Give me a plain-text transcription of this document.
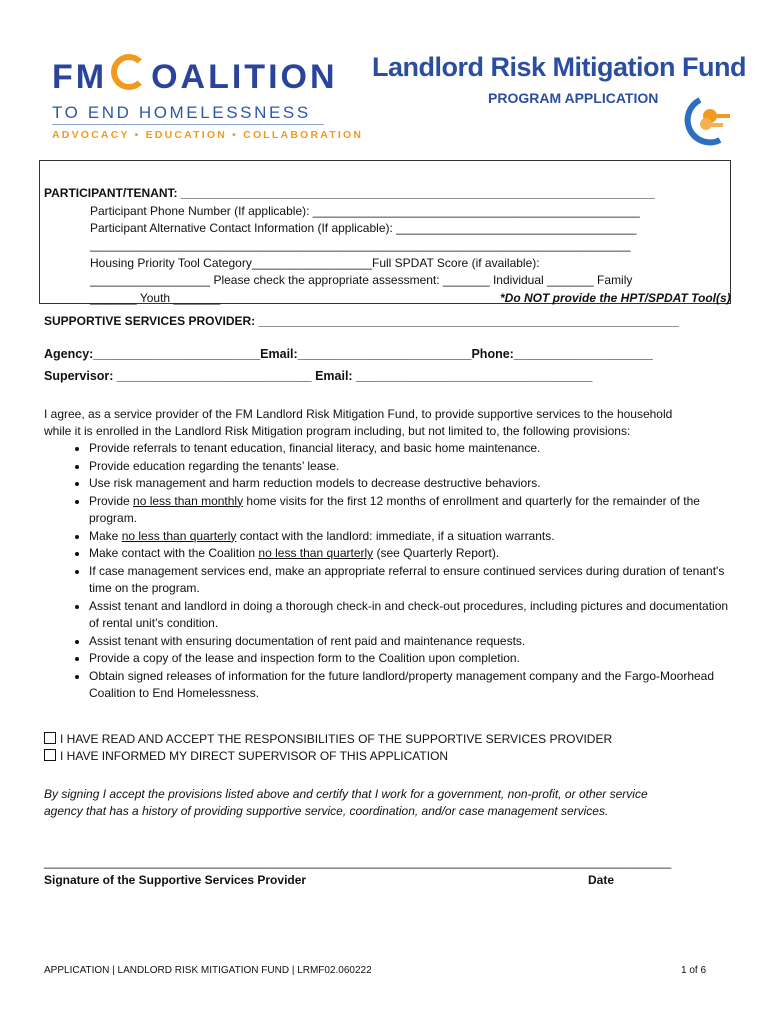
FM OALITION
TO END HOMELESSNESS
ADVOCACY • EDUCATION • COLLABORATION
Landlord Risk Mitigation Fund
PROGRAM APPLICATION
PARTICIPANT/TENANT: _______________________________________________________________________
Participant Phone Number (If applicable): _________________________________________________
Participant Alternative Contact Information (If applicable): ____________________________________
_________________________________________________________________________________
Housing Priority Tool Category__________________Full SPDAT Score (if available):
__________________ Please check the appropriate assessment: _______ Individual _______ Family
_______ Youth _______	*Do NOT provide the HPT/SPDAT Tool(s)
SUPPORTIVE SERVICES PROVIDER: _______________________________________________________________
Agency:________________________Email:_________________________Phone:____________________
Supervisor: ____________________________ Email: __________________________________
I agree, as a service provider of the FM Landlord Risk Mitigation Fund, to provide supportive services to the household
while it is enrolled in the Landlord Risk Mitigation program including, but not limited to, the following provisions:
• Provide referrals to tenant education, financial literacy, and basic home maintenance.
• Provide education regarding the tenants’ lease.
• Use risk management and harm reduction models to decrease destructive behaviors.
• Provide no less than monthly home visits for the first 12 months of enrollment and quarterly for the remainder of the program.
• Make no less than quarterly contact with the landlord: immediate, if a situation warrants.
• Make contact with the Coalition no less than quarterly (see Quarterly Report).
• If case management services end, make an appropriate referral to ensure continued services during duration of tenant's time on the program.
• Assist tenant and landlord in doing a thorough check-in and check-out procedures, including pictures and documentation of rental unit’s condition.
• Assist tenant with ensuring documentation of rent paid and maintenance requests.
• Provide a copy of the lease and inspection form to the Coalition upon completion.
• Obtain signed releases of information for the future landlord/property management company and the Fargo-Moorhead Coalition to End Homelessness.
I HAVE READ AND ACCEPT THE RESPONSIBILITIES OF THE SUPPORTIVE SERVICES PROVIDER
I HAVE INFORMED MY DIRECT SUPERVISOR OF THIS APPLICATION
By signing I accept the provisions listed above and certify that I work for a government, non-profit, or other service
agency that has a history of providing supportive service, coordination, and/or case management services.
______________________________________________________________________________________________
Signature of the Supportive Services Provider	Date
APPLICATION | LANDLORD RISK MITIGATION FUND | LRMF02.060222	1 of 6
